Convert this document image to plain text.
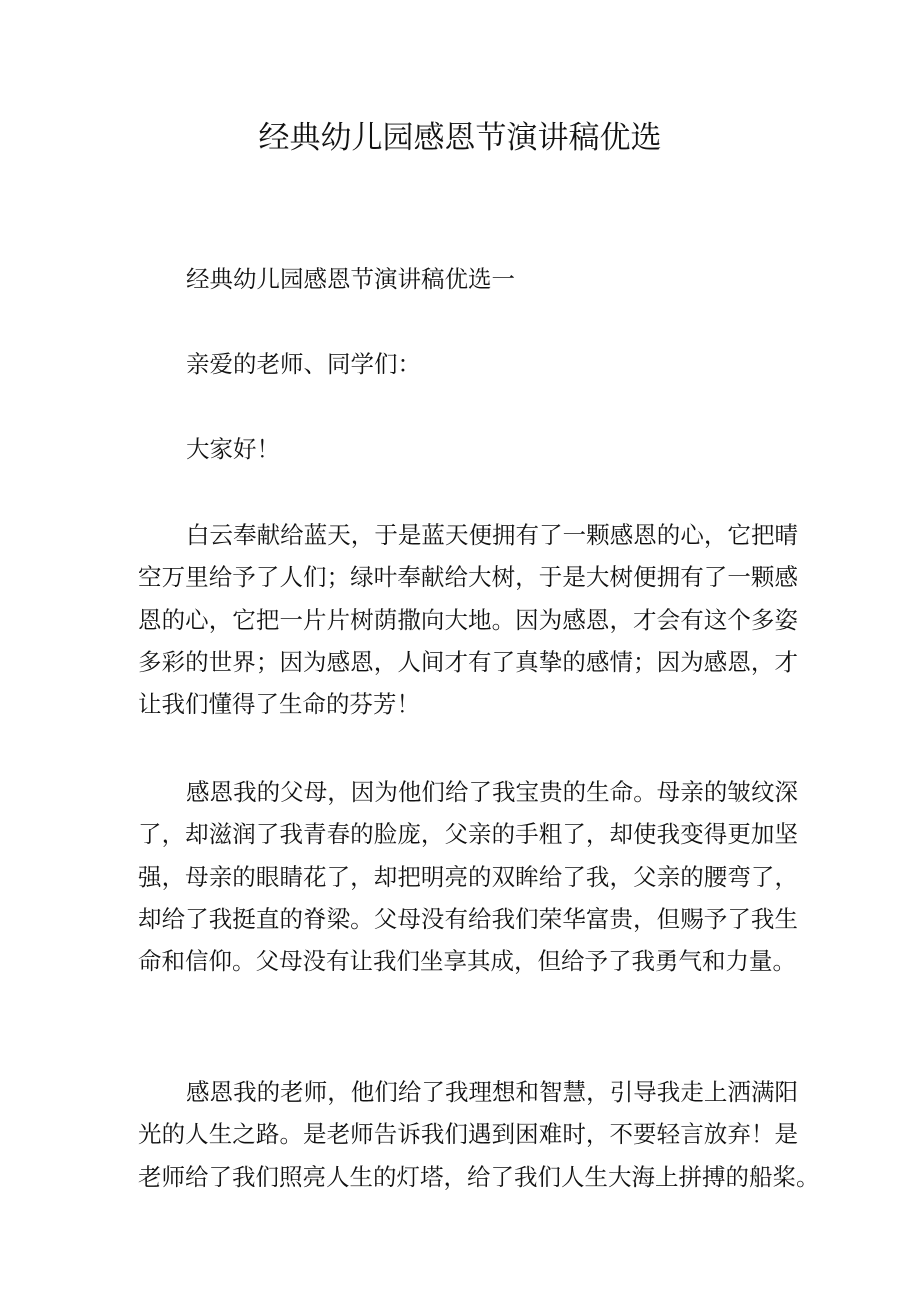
经典幼儿园感恩节演讲稿优选
经典幼儿园感恩节演讲稿优选一
亲爱的老师、同学们：
大家好！
白云奉献给蓝天，于是蓝天便拥有了一颗感恩的心，它把晴
空万里给予了人们；绿叶奉献给大树，于是大树便拥有了一颗感
恩的心，它把一片片树荫撒向大地。因为感恩，才会有这个多姿
多彩的世界；因为感恩，人间才有了真挚的感情；因为感恩，才
让我们懂得了生命的芬芳！
感恩我的父母，因为他们给了我宝贵的生命。母亲的皱纹深
了，却滋润了我青春的脸庞，父亲的手粗了，却使我变得更加坚
强，母亲的眼睛花了，却把明亮的双眸给了我，父亲的腰弯了，
却给了我挺直的脊梁。父母没有给我们荣华富贵，但赐予了我生
命和信仰。父母没有让我们坐享其成，但给予了我勇气和力量。
感恩我的老师，他们给了我理想和智慧，引导我走上洒满阳
光的人生之路。是老师告诉我们遇到困难时，不要轻言放弃！是
老师给了我们照亮人生的灯塔，给了我们人生大海上拼搏的船桨。
